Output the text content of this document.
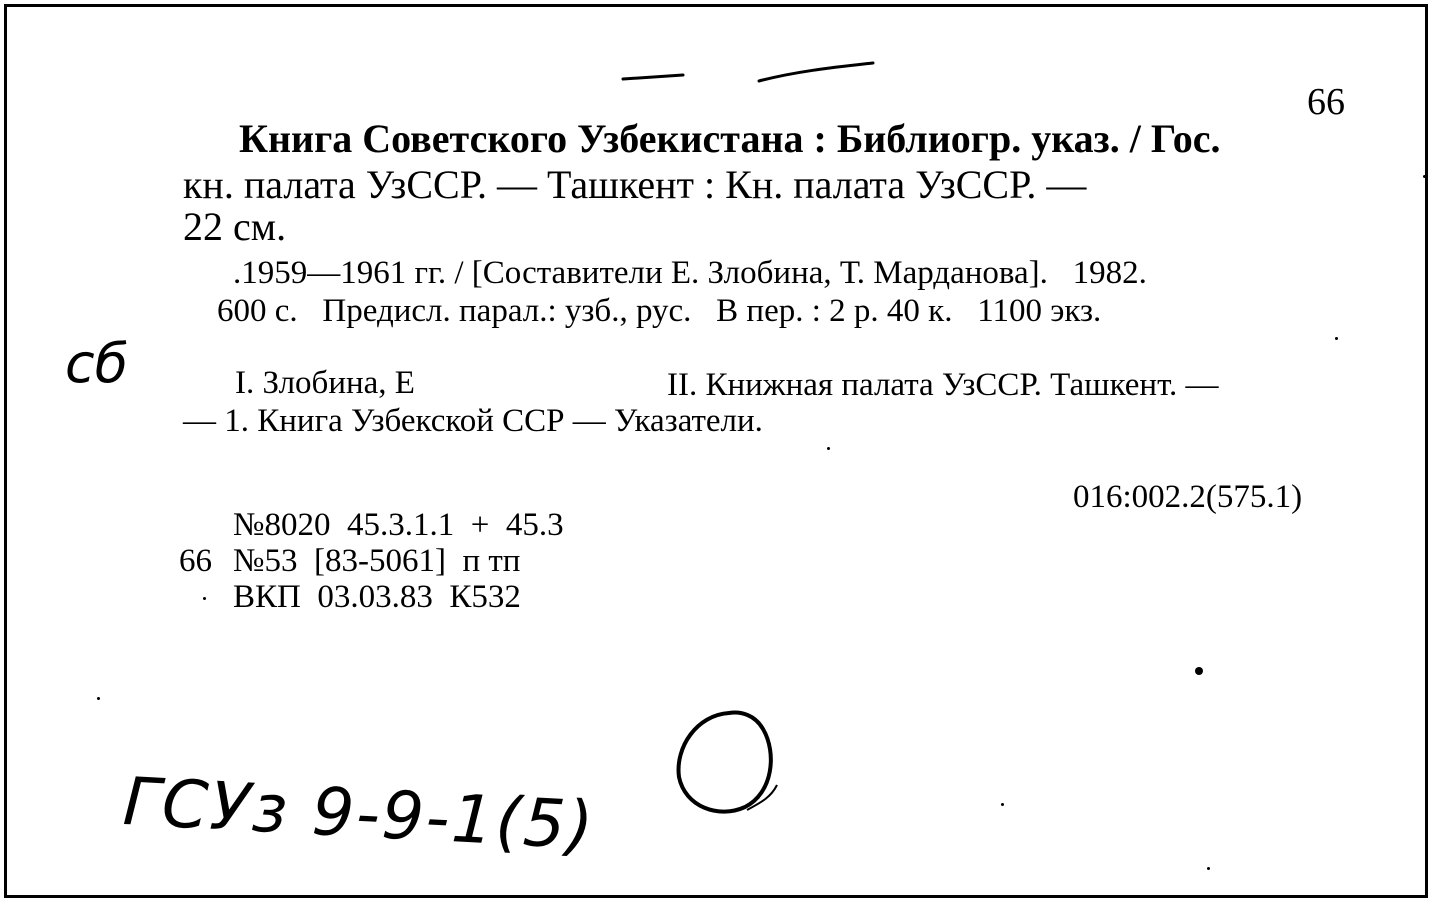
66
Книга Советского Узбекистана : Библиогр. указ. / Гос.
кн. палата УзССР. — Ташкент : Кн. палата УзССР. —
22 см.
.1959—1961 гг. / [Составители Е. Злобина, Т. Марданова].   1982.
600 с.   Предисл. парал.: узб., рус.   В пер. : 2 р. 40 к.   1100 экз.
сб	I. Злобина, Е	II. Книжная палата УзССР. Ташкент. —
— 1. Книга Узбекской ССР — Указатели.
016:002.2(575.1)
№8020  45.3.1.1  +  45.3
66 №53  [83-5061]  п тп
ВКП  03.03.83  К532
ГСУз 9-9-1(5)
